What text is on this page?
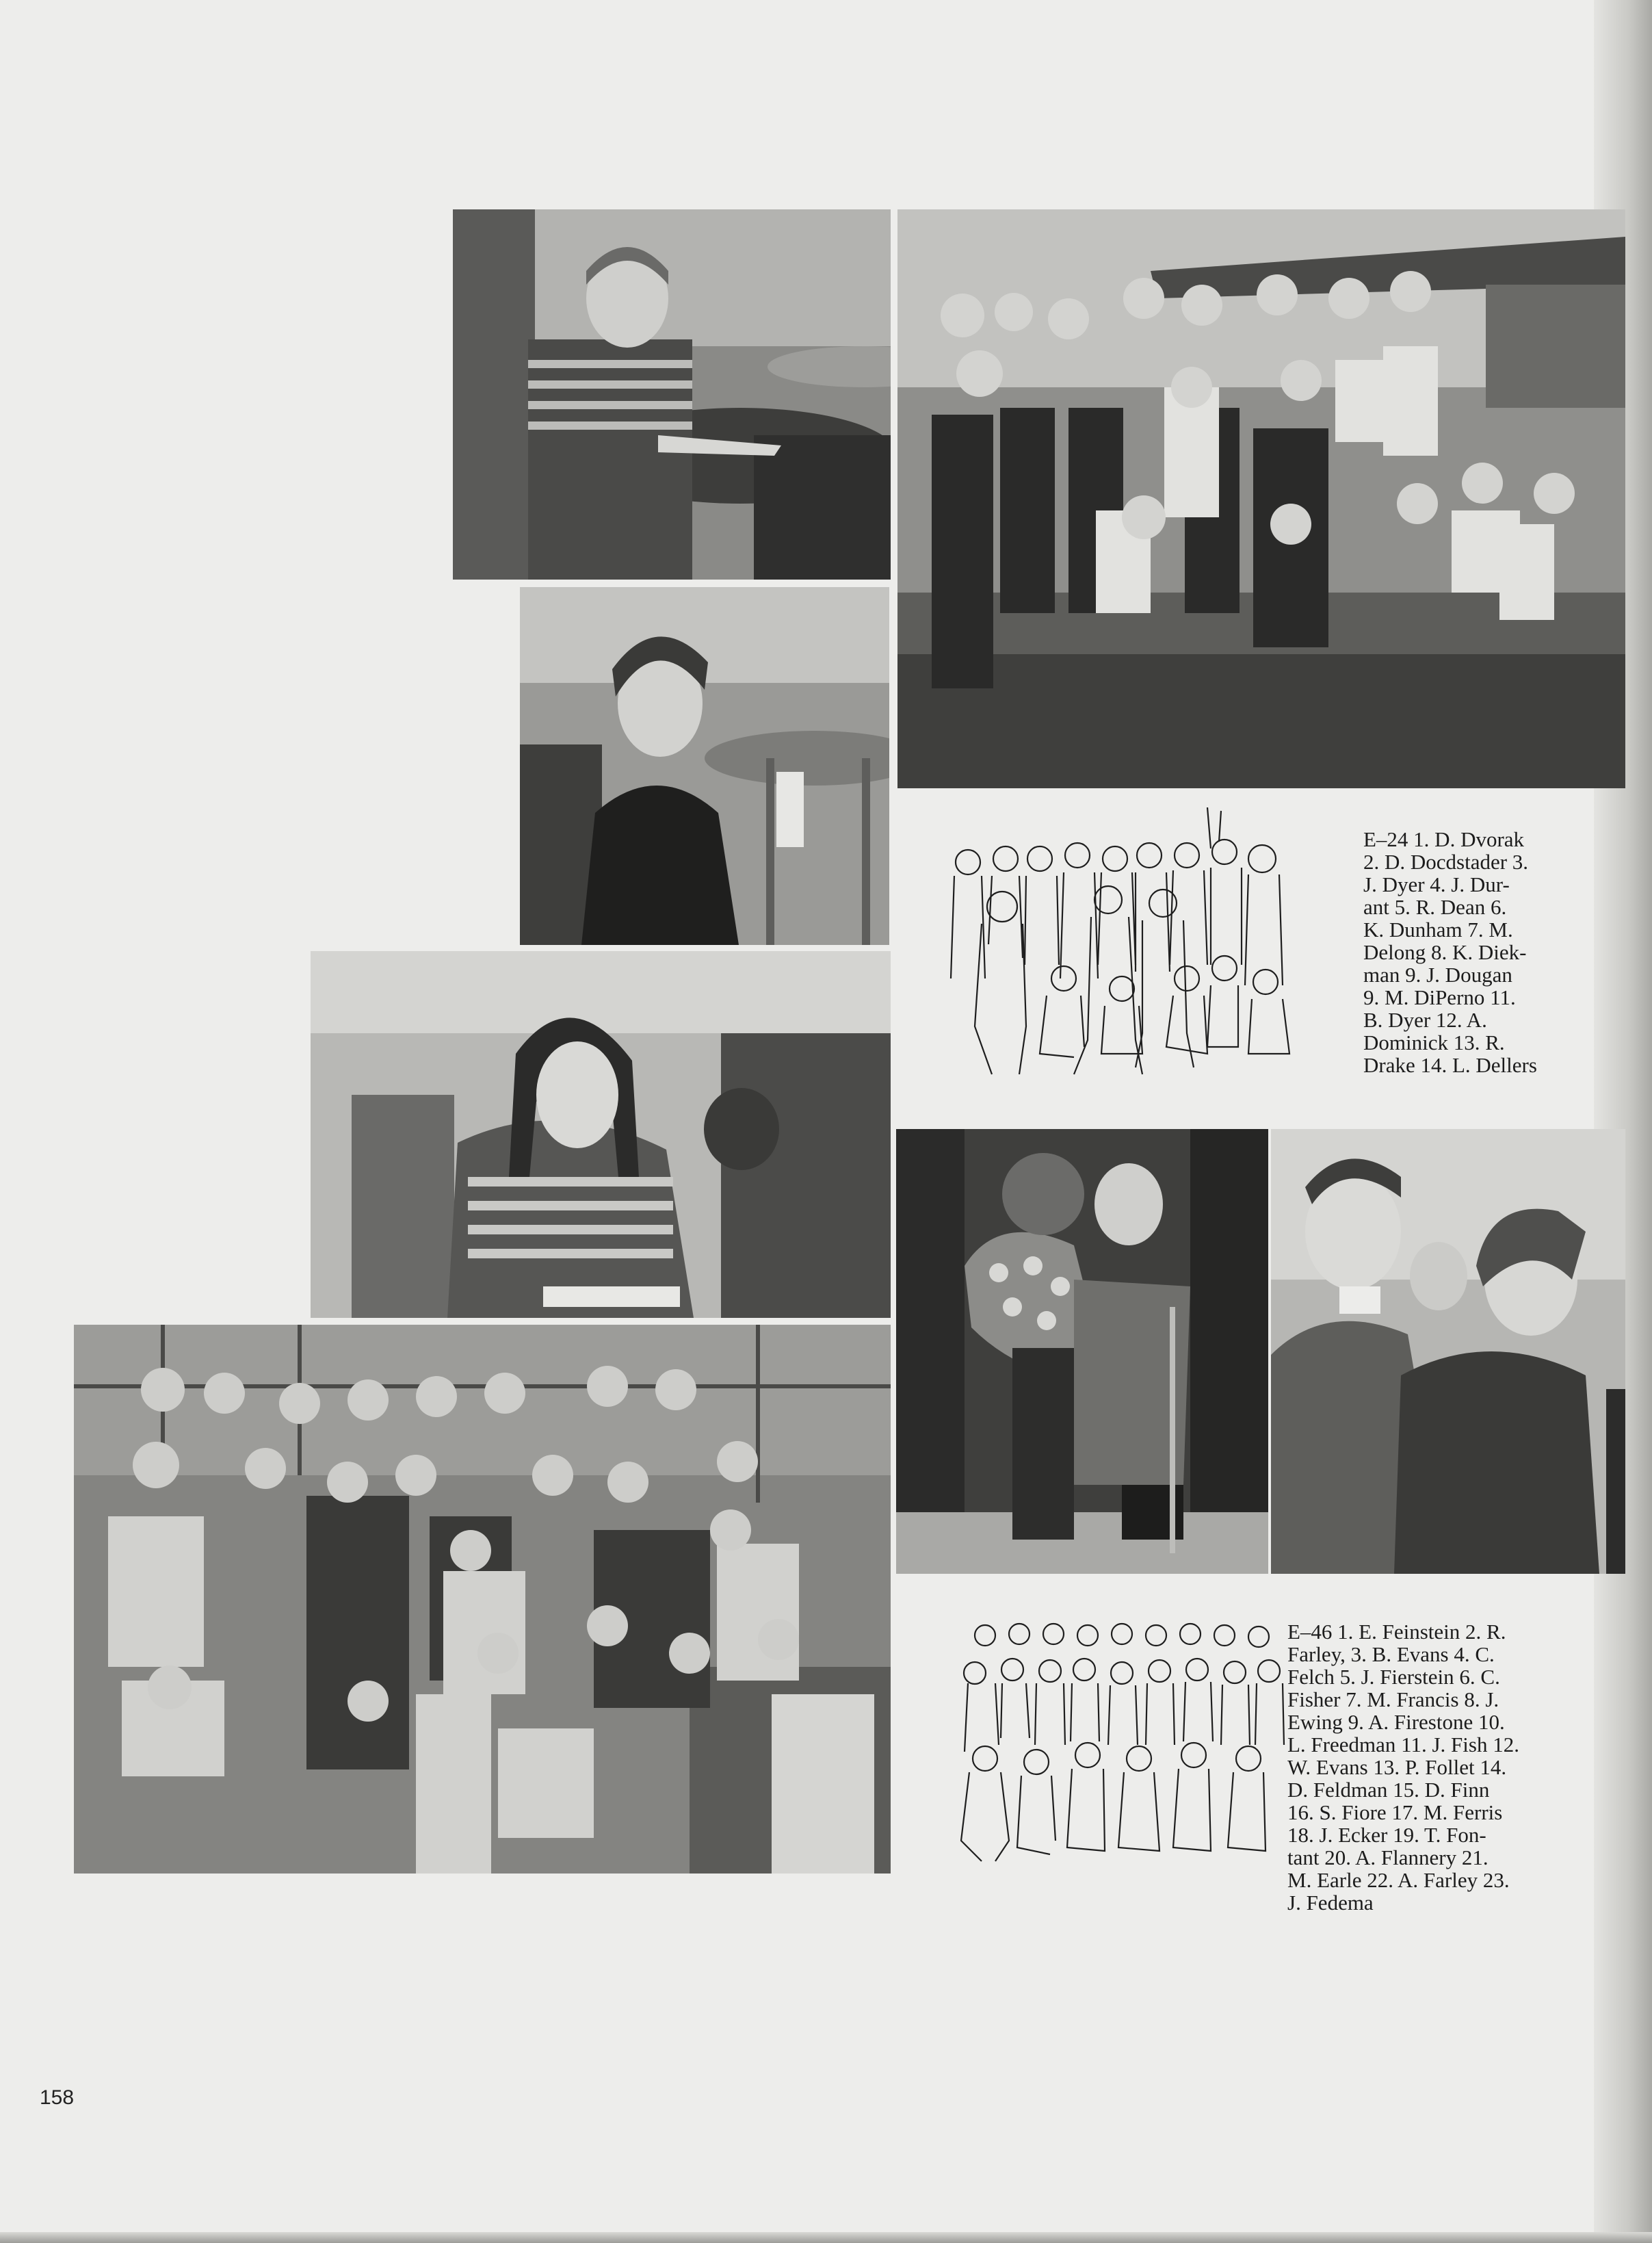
E–24 1. D. Dvorak
2. D. Docdstader 3.
J. Dyer 4. J. Dur-
ant 5. R. Dean 6.
K. Dunham 7. M.
Delong 8. K. Diek-
man 9. J. Dougan
9. M. DiPerno 11.
B. Dyer 12. A.
Dominick 13. R.
Drake 14. L. Dellers
E–46 1. E. Feinstein 2. R.
Farley, 3. B. Evans 4. C.
Felch 5. J. Fierstein 6. C.
Fisher 7. M. Francis 8. J.
Ewing 9. A. Firestone 10.
L. Freedman 11. J. Fish 12.
W. Evans 13. P. Follet 14.
D. Feldman 15. D. Finn
16. S. Fiore 17. M. Ferris
18. J. Ecker 19. T. Fon-
tant 20. A. Flannery 21.
M. Earle 22. A. Farley 23.
J. Fedema
158
